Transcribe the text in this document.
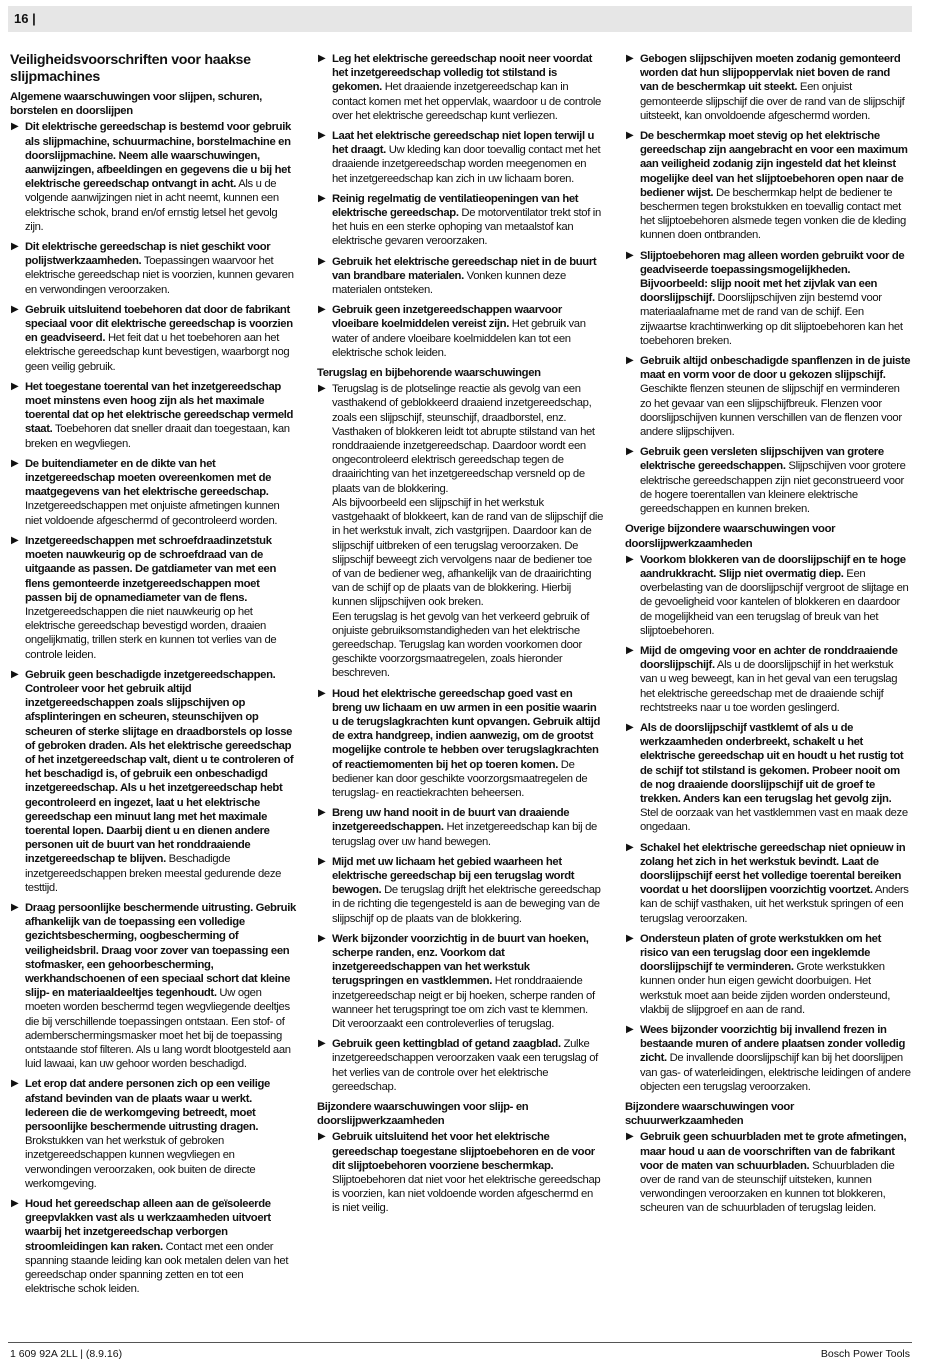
16 |
Veiligheidsvoorschriften voor haakse slijpmachines
Algemene waarschuwingen voor slijpen, schuren, borstelen en doorslijpen
▶ Dit elektrische gereedschap is bestemd voor gebruik als slijpmachine, schuurmachine, borstelmachine en doorslijpmachine. Neem alle waarschuwingen, aanwijzingen, afbeeldingen en gegevens die u bij het elektrische gereedschap ontvangt in acht. Als u de volgende aanwijzingen niet in acht neemt, kunnen een elektrische schok, brand en/of ernstig letsel het gevolg zijn.
▶ Dit elektrische gereedschap is niet geschikt voor polijstwerkzaamheden. Toepassingen waarvoor het elektrische gereedschap niet is voorzien, kunnen gevaren en verwondingen veroorzaken.
▶ Gebruik uitsluitend toebehoren dat door de fabrikant speciaal voor dit elektrische gereedschap is voorzien en geadviseerd. Het feit dat u het toebehoren aan het elektrische gereedschap kunt bevestigen, waarborgt nog geen veilig gebruik.
▶ Het toegestane toerental van het inzetgereedschap moet minstens even hoog zijn als het maximale toerental dat op het elektrische gereedschap vermeld staat. Toebehoren dat sneller draait dan toegestaan, kan breken en wegvliegen.
▶ De buitendiameter en de dikte van het inzetgereedschap moeten overeenkomen met de maatgegevens van het elektrische gereedschap. Inzetgereedschappen met onjuiste afmetingen kunnen niet voldoende afgeschermd of gecontroleerd worden.
▶ Inzetgereedschappen met schroefdraadinzetstuk moeten nauwkeurig op de schroefdraad van de uitgaande as passen. De gatdiameter van met een flens gemonteerde inzetgereedschappen moet passen bij de opnamediameter van de flens. Inzetgereedschappen die niet nauwkeurig op het elektrische gereedschap bevestigd worden, draaien ongelijkmatig, trillen sterk en kunnen tot verlies van de controle leiden.
▶ Gebruik geen beschadigde inzetgereedschappen. Controleer voor het gebruik altijd inzetgereedschappen zoals slijpschijven op afsplinteringen en scheuren, steunschijven op scheuren of sterke slijtage en draadborstels op losse of gebroken draden. Als het elektrische gereedschap of het inzetgereedschap valt, dient u te controleren of het beschadigd is, of gebruik een onbeschadigd inzetgereedschap. Als u het inzetgereedschap hebt gecontroleerd en ingezet, laat u het elektrische gereedschap een minuut lang met het maximale toerental lopen. Daarbij dient u en dienen andere personen uit de buurt van het ronddraaiende inzetgereedschap te blijven. Beschadigde inzetgereedschappen breken meestal gedurende deze testtijd.
▶ Draag persoonlijke beschermende uitrusting. Gebruik afhankelijk van de toepassing een volledige gezichtsbescherming, oogbescherming of veiligheidsbril. Draag voor zover van toepassing een stofmasker, een gehoorbescherming, werkhandschoenen of een speciaal schort dat kleine slijp- en materiaaldeeltjes tegenhoudt. Uw ogen moeten worden beschermd tegen wegvliegende deeltjes die bij verschillende toepassingen ontstaan. Een stof- of ademberschermingsmasker moet het bij de toepassing ontstaande stof filteren. Als u lang wordt blootgesteld aan luid lawaai, kan uw gehoor worden beschadigd.
▶ Let erop dat andere personen zich op een veilige afstand bevinden van de plaats waar u werkt. Iedereen die de werkomgeving betreedt, moet persoonlijke beschermende uitrusting dragen. Brokstukken van het werkstuk of gebroken inzetgereedschappen kunnen wegvliegen en verwondingen veroorzaken, ook buiten de directe werkomgeving.
▶ Houd het gereedschap alleen aan de geïsoleerde greepvlakken vast als u werkzaamheden uitvoert waarbij het inzetgereedschap verborgen stroomleidingen kan raken. Contact met een onder spanning staande leiding kan ook metalen delen van het gereedschap onder spanning zetten en tot een elektrische schok leiden.
▶ Leg het elektrische gereedschap nooit neer voordat het inzetgereedschap volledig tot stilstand is gekomen. Het draaiende inzetgereedschap kan in contact komen met het oppervlak, waardoor u de controle over het elektrische gereedschap kunt verliezen.
▶ Laat het elektrische gereedschap niet lopen terwijl u het draagt. Uw kleding kan door toevallig contact met het draaiende inzetgereedschap worden meegenomen en het inzetgereedschap kan zich in uw lichaam boren.
▶ Reinig regelmatig de ventilatieopeningen van het elektrische gereedschap. De motorventilator trekt stof in het huis en een sterke ophoping van metaalstof kan elektrische gevaren veroorzaken.
▶ Gebruik het elektrische gereedschap niet in de buurt van brandbare materialen. Vonken kunnen deze materialen ontsteken.
▶ Gebruik geen inzetgereedschappen waarvoor vloeibare koelmiddelen vereist zijn. Het gebruik van water of andere vloeibare koelmiddelen kan tot een elektrische schok leiden.
Terugslag en bijbehorende waarschuwingen
▶ Terugslag is de plotselinge reactie als gevolg van een vasthakend of geblokkeerd draaiend inzetgereedschap, zoals een slijpschijf, steunschijf, draadborstel, enz. Vasthaken of blokkeren leidt tot abrupte stilstand van het ronddraaiende inzetgereedschap. Daardoor wordt een ongecontroleerd elektrisch gereedschap tegen de draairichting van het inzetgereedschap versneld op de plaats van de blokkering.
Als bijvoorbeeld een slijpschijf in het werkstuk vastgehaakt of blokkeert, kan de rand van de slijpschijf die in het werkstuk invalt, zich vastgrijpen. Daardoor kan de slijpschijf uitbreken of een terugslag veroorzaken. De slijpschijf beweegt zich vervolgens naar de bediener toe of van de bediener weg, afhankelijk van de draairichting van de schijf op de plaats van de blokkering. Hierbij kunnen slijpschijven ook breken.
Een terugslag is het gevolg van het verkeerd gebruik of onjuiste gebruiksomstandigheden van het elektrische gereedschap. Terugslag kan worden voorkomen door geschikte voorzorgsmaatregelen, zoals hieronder beschreven.
▶ Houd het elektrische gereedschap goed vast en breng uw lichaam en uw armen in een positie waarin u de terugslagkrachten kunt opvangen. Gebruik altijd de extra handgreep, indien aanwezig, om de grootst mogelijke controle te hebben over terugslagkrachten of reactiemomenten bij het op toeren komen. De bediener kan door geschikte voorzorgsmaatregelen de terugslag- en reactiekrachten beheersen.
▶ Breng uw hand nooit in de buurt van draaiende inzetgereedschappen. Het inzetgereedschap kan bij de terugslag over uw hand bewegen.
▶ Mijd met uw lichaam het gebied waarheen het elektrische gereedschap bij een terugslag wordt bewogen. De terugslag drijft het elektrische gereedschap in de richting die tegengesteld is aan de beweging van de slijpschijf op de plaats van de blokkering.
▶ Werk bijzonder voorzichtig in de buurt van hoeken, scherpe randen, enz. Voorkom dat inzetgereedschappen van het werkstuk terugspringen en vastklemmen. Het ronddraaiende inzetgereedschap neigt er bij hoeken, scherpe randen of wanneer het terugspringt toe om zich vast te klemmen. Dit veroorzaakt een controleverlies of terugslag.
▶ Gebruik geen kettingblad of getand zaagblad. Zulke inzetgereedschappen veroorzaken vaak een terugslag of het verlies van de controle over het elektrische gereedschap.
Bijzondere waarschuwingen voor slijp- en doorslijpwerkzaamheden
▶ Gebruik uitsluitend het voor het elektrische gereedschap toegestane slijptoebehoren en de voor dit slijptoebehoren voorziene beschermkap. Slijptoebehoren dat niet voor het elektrische gereedschap is voorzien, kan niet voldoende worden afgeschermd en is niet veilig.
▶ Gebogen slijpschijven moeten zodanig gemonteerd worden dat hun slijpoppervlak niet boven de rand van de beschermkap uit steekt. Een onjuist gemonteerde slijpschijf die over de rand van de slijpschijf uitsteekt, kan onvoldoende afgeschermd worden.
▶ De beschermkap moet stevig op het elektrische gereedschap zijn aangebracht en voor een maximum aan veiligheid zodanig zijn ingesteld dat het kleinst mogelijke deel van het slijptoebehoren open naar de bediener wijst. De beschermkap helpt de bediener te beschermen tegen brokstukken en toevallig contact met het slijptoebehoren alsmede tegen vonken die de kleding kunnen doen ontbranden.
▶ Slijptoebehoren mag alleen worden gebruikt voor de geadviseerde toepassingsmogelijkheden. Bijvoorbeeld: slijp nooit met het zijvlak van een doorslijpschijf. Doorslijpschijven zijn bestemd voor materiaalafname met de rand van de schijf. Een zijwaartse krachtinwerking op dit slijptoebehoren kan het toebehoren breken.
▶ Gebruik altijd onbeschadigde spanflenzen in de juiste maat en vorm voor de door u gekozen slijpschijf. Geschikte flenzen steunen de slijpschijf en verminderen zo het gevaar van een slijpschijfbreuk. Flenzen voor doorslijpschijven kunnen verschillen van de flenzen voor andere slijpschijven.
▶ Gebruik geen versleten slijpschijven van grotere elektrische gereedschappen. Slijpschijven voor grotere elektrische gereedschappen zijn niet geconstrueerd voor de hogere toerentallen van kleinere elektrische gereedschappen en kunnen breken.
Overige bijzondere waarschuwingen voor doorslijpwerkzaamheden
▶ Voorkom blokkeren van de doorslijpschijf en te hoge aandrukkracht. Slijp niet overmatig diep. Een overbelasting van de doorslijpschijf vergroot de slijtage en de gevoeligheid voor kantelen of blokkeren en daardoor de mogelijkheid van een terugslag of breuk van het slijptoebehoren.
▶ Mijd de omgeving voor en achter de ronddraaiende doorslijpschijf. Als u de doorslijpschijf in het werkstuk van u weg beweegt, kan in het geval van een terugslag het elektrische gereedschap met de draaiende schijf rechtstreeks naar u toe worden geslingerd.
▶ Als de doorslijpschijf vastklemt of als u de werkzaamheden onderbreekt, schakelt u het elektrische gereedschap uit en houdt u het rustig tot de schijf tot stilstand is gekomen. Probeer nooit om de nog draaiende doorslijpschijf uit de groef te trekken. Anders kan een terugslag het gevolg zijn. Stel de oorzaak van het vastklemmen vast en maak deze ongedaan.
▶ Schakel het elektrische gereedschap niet opnieuw in zolang het zich in het werkstuk bevindt. Laat de doorslijpschijf eerst het volledige toerental bereiken voordat u het doorslijpen voorzichtig voortzet. Anders kan de schijf vasthaken, uit het werkstuk springen of een terugslag veroorzaken.
▶ Ondersteun platen of grote werkstukken om het risico van een terugslag door een ingeklemde doorslijpschijf te verminderen. Grote werkstukken kunnen onder hun eigen gewicht doorbuigen. Het werkstuk moet aan beide zijden worden ondersteund, vlakbij de slijpgroef en aan de rand.
▶ Wees bijzonder voorzichtig bij invallend frezen in bestaande muren of andere plaatsen zonder volledig zicht. De invallende doorslijpschijf kan bij het doorslijpen van gas- of waterleidingen, elektrische leidingen of andere objecten een terugslag veroorzaken.
Bijzondere waarschuwingen voor schuurwerkzaamheden
▶ Gebruik geen schuurbladen met te grote afmetingen, maar houd u aan de voorschriften van de fabrikant voor de maten van schuurbladen. Schuurbladen die over de rand van de steunschijf uitsteken, kunnen verwondingen veroorzaken en kunnen tot blokkeren, scheuren van de schuurbladen of terugslag leiden.
1 609 92A 2LL | (8.9.16)	Bosch Power Tools
